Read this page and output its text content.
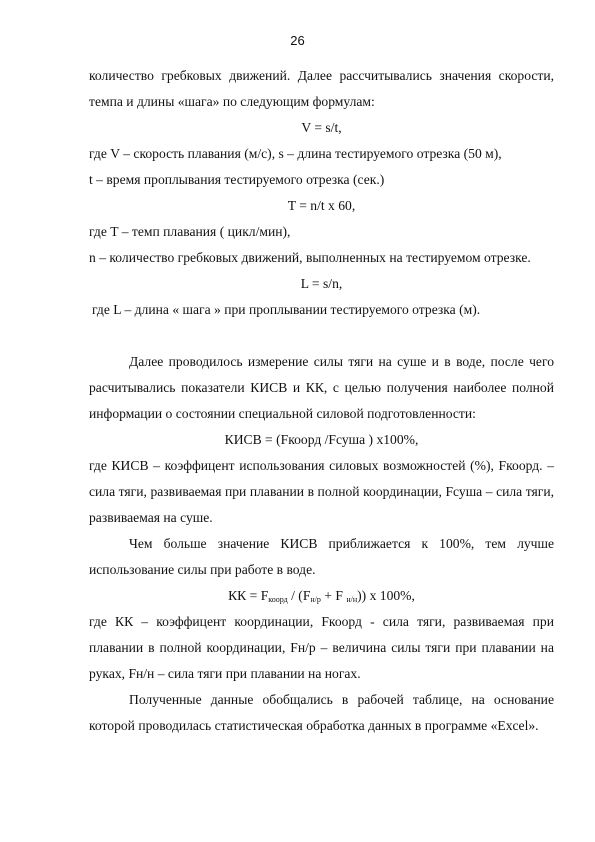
26

количество гребковых движений. Далее рассчитывались значения скорости, темпа и длины «шага» по следующим формулам:

V = s/t,

где V – скорость плавания (м/с), s – длина тестируемого отрезка (50 м),

t – время проплывания тестируемого отрезка (сек.)

T = n/t x 60,

где T – темп плавания ( цикл/мин),

n – количество гребковых движений, выполненных на тестируемом отрезке.

L = s/n,

где L – длина « шага » при проплывании тестируемого отрезка (м).

Далее проводилось измерение силы тяги на суше и в воде, после чего расчитывались показатели КИСВ и КК, с целью получения наиболее полной информации о состоянии специальной силовой подготовленности:

КИСВ = (Fкоорд /Fсуша ) х100%,

где КИСВ – коэффицент использования силовых возможностей (%), Fкоорд. – сила тяги, развиваемая при плавании в полной координации, Fсуша – сила тяги, развиваемая на суше.

Чем больше значение КИСВ приближается к 100%, тем лучше использование силы при работе в воде.

КК = $F_{коорд} / (F_{н/р} + F$ $_{н/н}$)) х 100%,

где КК – коэффицент координации, Fкоорд - сила тяги, развиваемая при плавании в полной координации, Fн/р – величина силы тяги при плавании на руках, Fн/н – сила тяги при плавании на ногах.

Полученные данные обобщались в рабочей таблице, на основание которой проводилась статистическая обработка данных в программе «Excel».
